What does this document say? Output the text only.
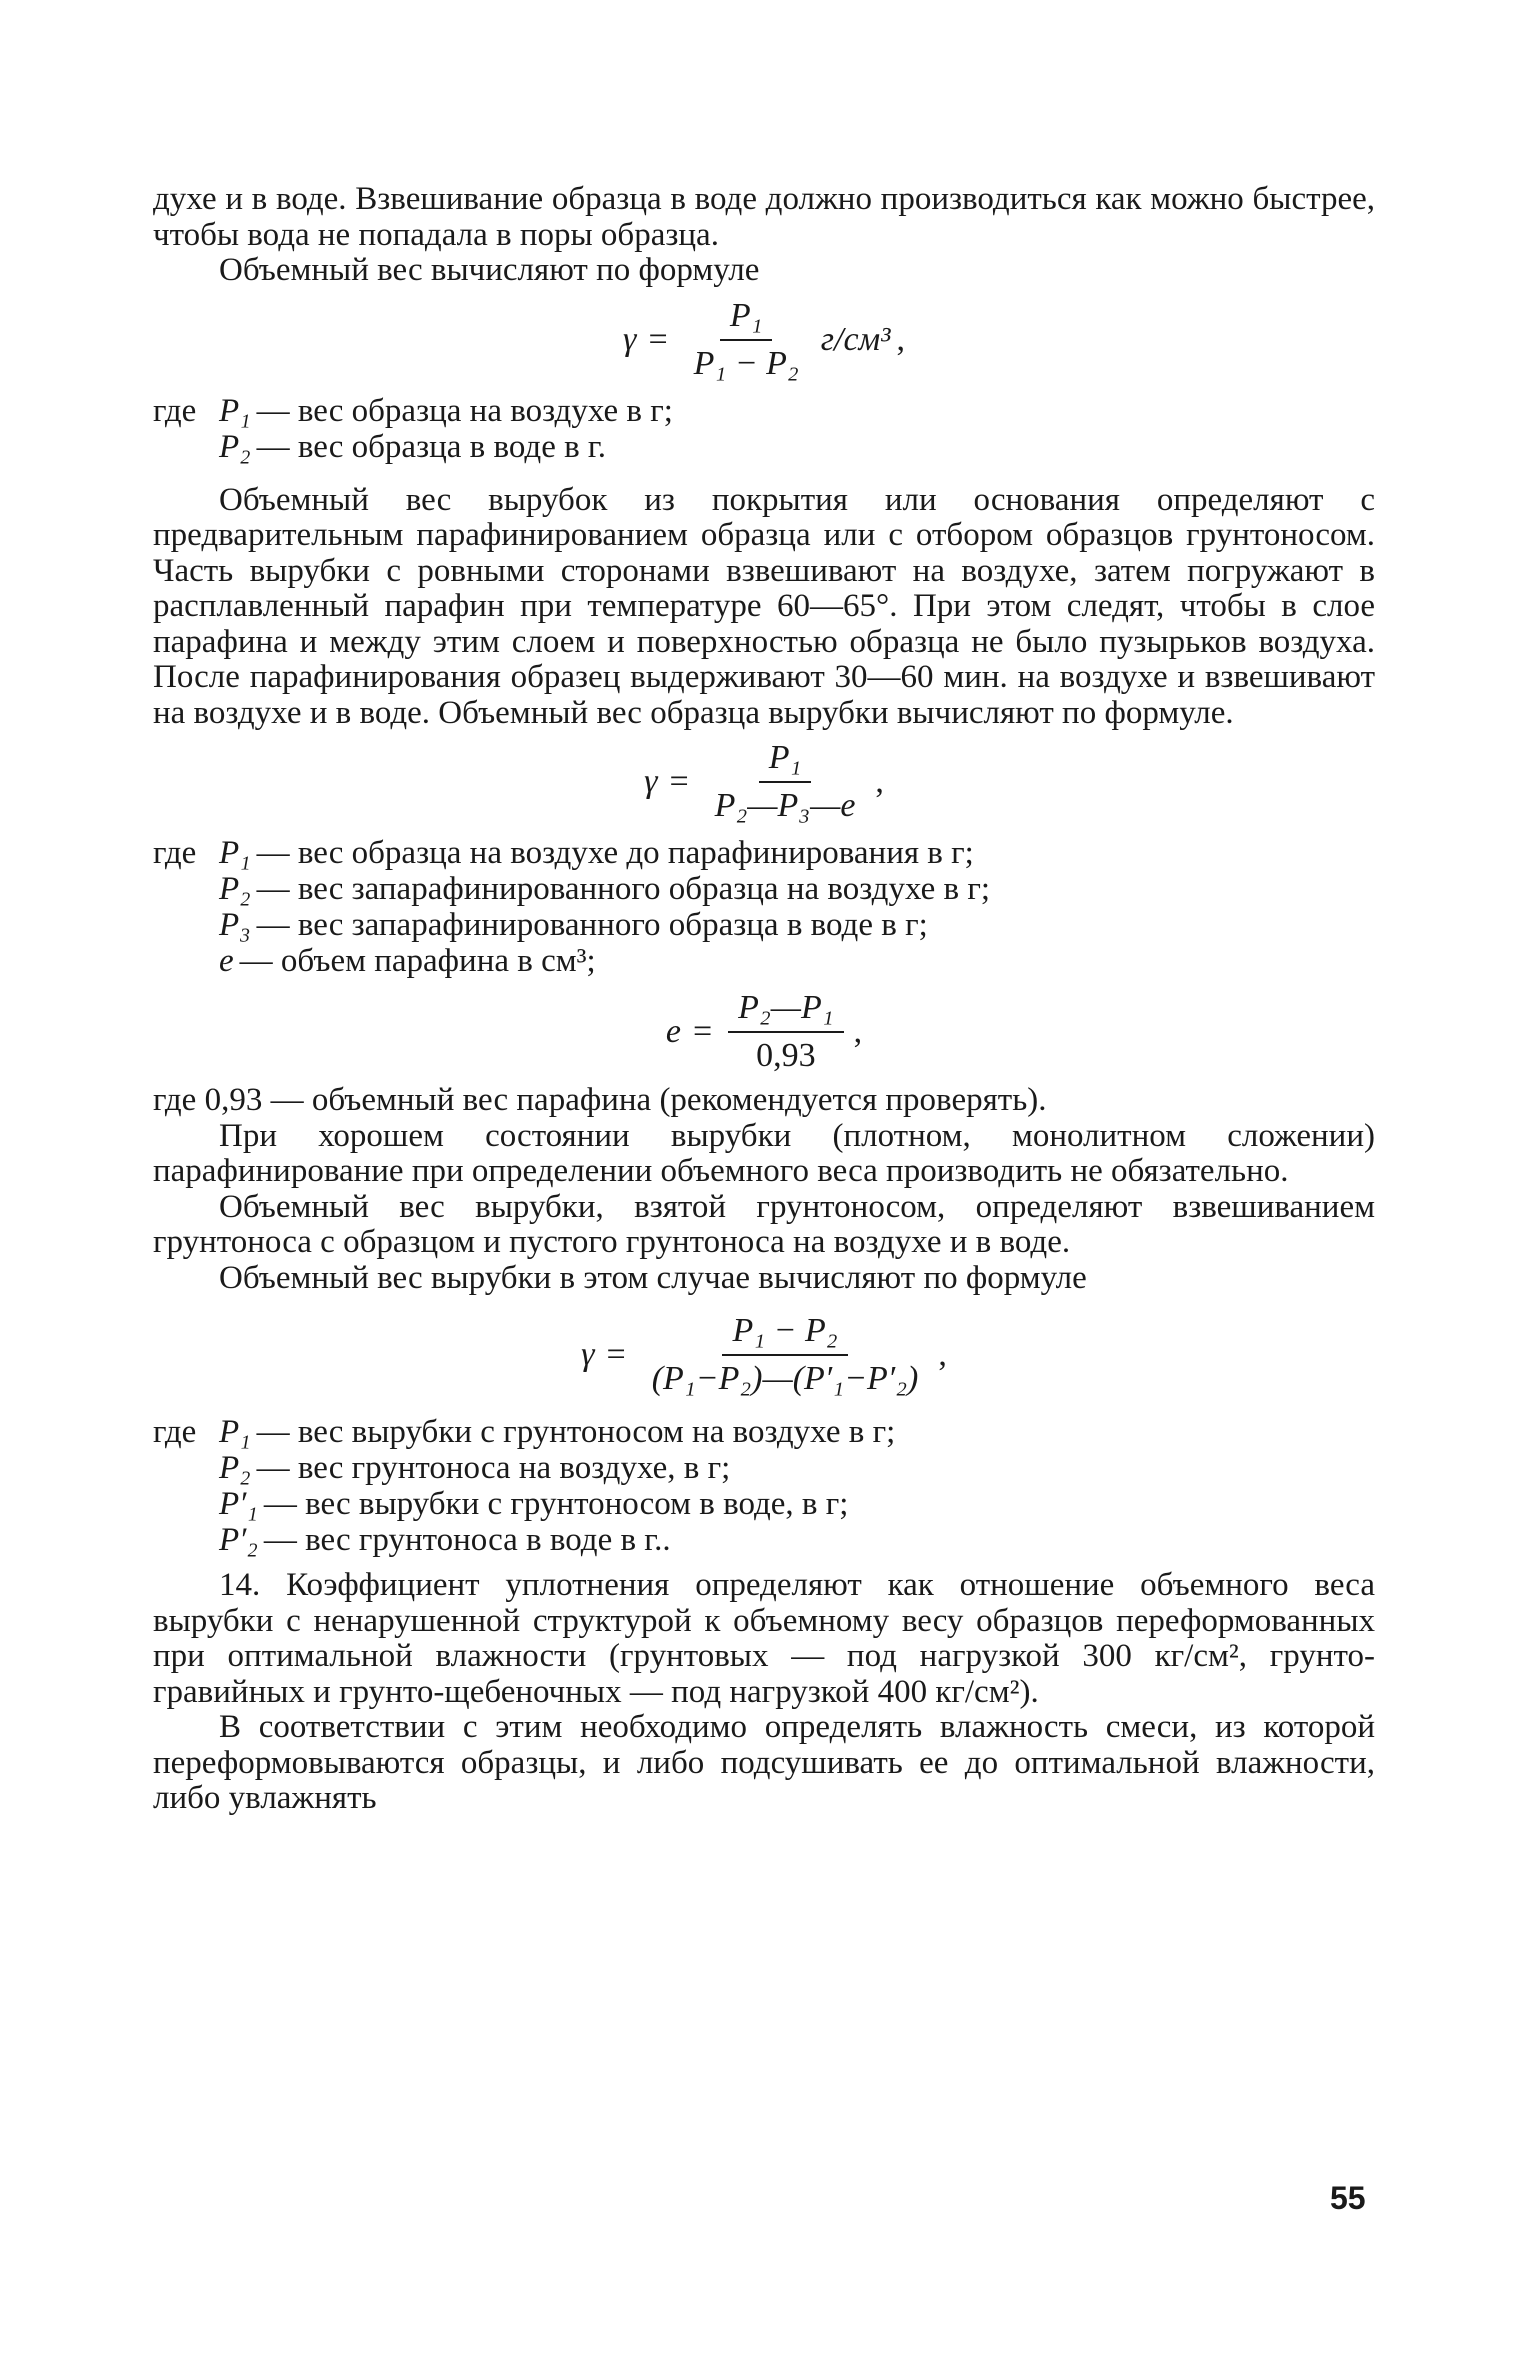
духе и в воде. Взвешивание образца в воде должно производиться как можно быстрее, чтобы вода не попадала в поры образца.

Объемный вес вычисляют по формуле

$\gamma = \frac{\text{P₁}}{\text{P₁ − P₂}} г/см^3$ ,
где P₁ — вес образца на воздухе в г;
P₂ — вес образца в воде в г.

Объемный вес вырубок из покрытия или основания определяют с предварительным парафинированием образца или с отбором образцов грунтоносом. Часть вырубки с ровными сторонами взвешивают на воздухе, затем погружают в расплавленный парафин при температуре 60—65°. При этом следят, чтобы в слое парафина и между этим слоем и поверхностью образца не было пузырьков воздуха. После парафинирования образец выдерживают 30—60 мин. на воздухе и взвешивают на воздухе и в воде. Объемный вес образца вырубки вычисляют по формуле.

$\gamma = \frac{\text{P₁}}{\text{P₂—P₃—e}}$ ,
где P₁ — вес образца на воздухе до парафинирования в г;
P₂ — вес запарафинированного образца на воздухе в г;
P₃ — вес запарафинированного образца в воде в г;
e — объем парафина в см³;
$e = \frac{\text{P₂—P₁}}{0,93}$ ,

где 0,93 — объемный вес парафина (рекомендуется проверять).

При хорошем состоянии вырубки (плотном, монолитном сложении) парафинирование при определении объемного веса производить не обязательно.

Объемный вес вырубки, взятой грунтоносом, определяют взвешиванием грунтоноса с образцом и пустого грунтоноса на воздухе и в воде.

Объемный вес вырубки в этом случае вычисляют по формуле

$\gamma = \frac{\text{P₁ − P₂}}{\text{(P₁−P₂)—(P′₁−P′₂)}}$ ,
где P₁ — вес вырубки с грунтоносом на воздухе в г;
P₂ — вес грунтоноса на воздухе, в г;
P′₁ — вес вырубки с грунтоносом в воде, в г;
P′₂ — вес грунтоноса в воде в г..

14. Коэффициент уплотнения определяют как отношение объемного веса вырубки с ненарушенной структурой к объемному весу образцов переформованных при оптимальной влажности (грунтовых — под нагрузкой 300 кг/см², грунто-гравийных и грунто-щебеночных — под нагрузкой 400 кг/см²).

В соответствии с этим необходимо определять влажность смеси, из которой переформовываются образцы, и либо подсушивать ее до оптимальной влажности, либо увлажнять

55
